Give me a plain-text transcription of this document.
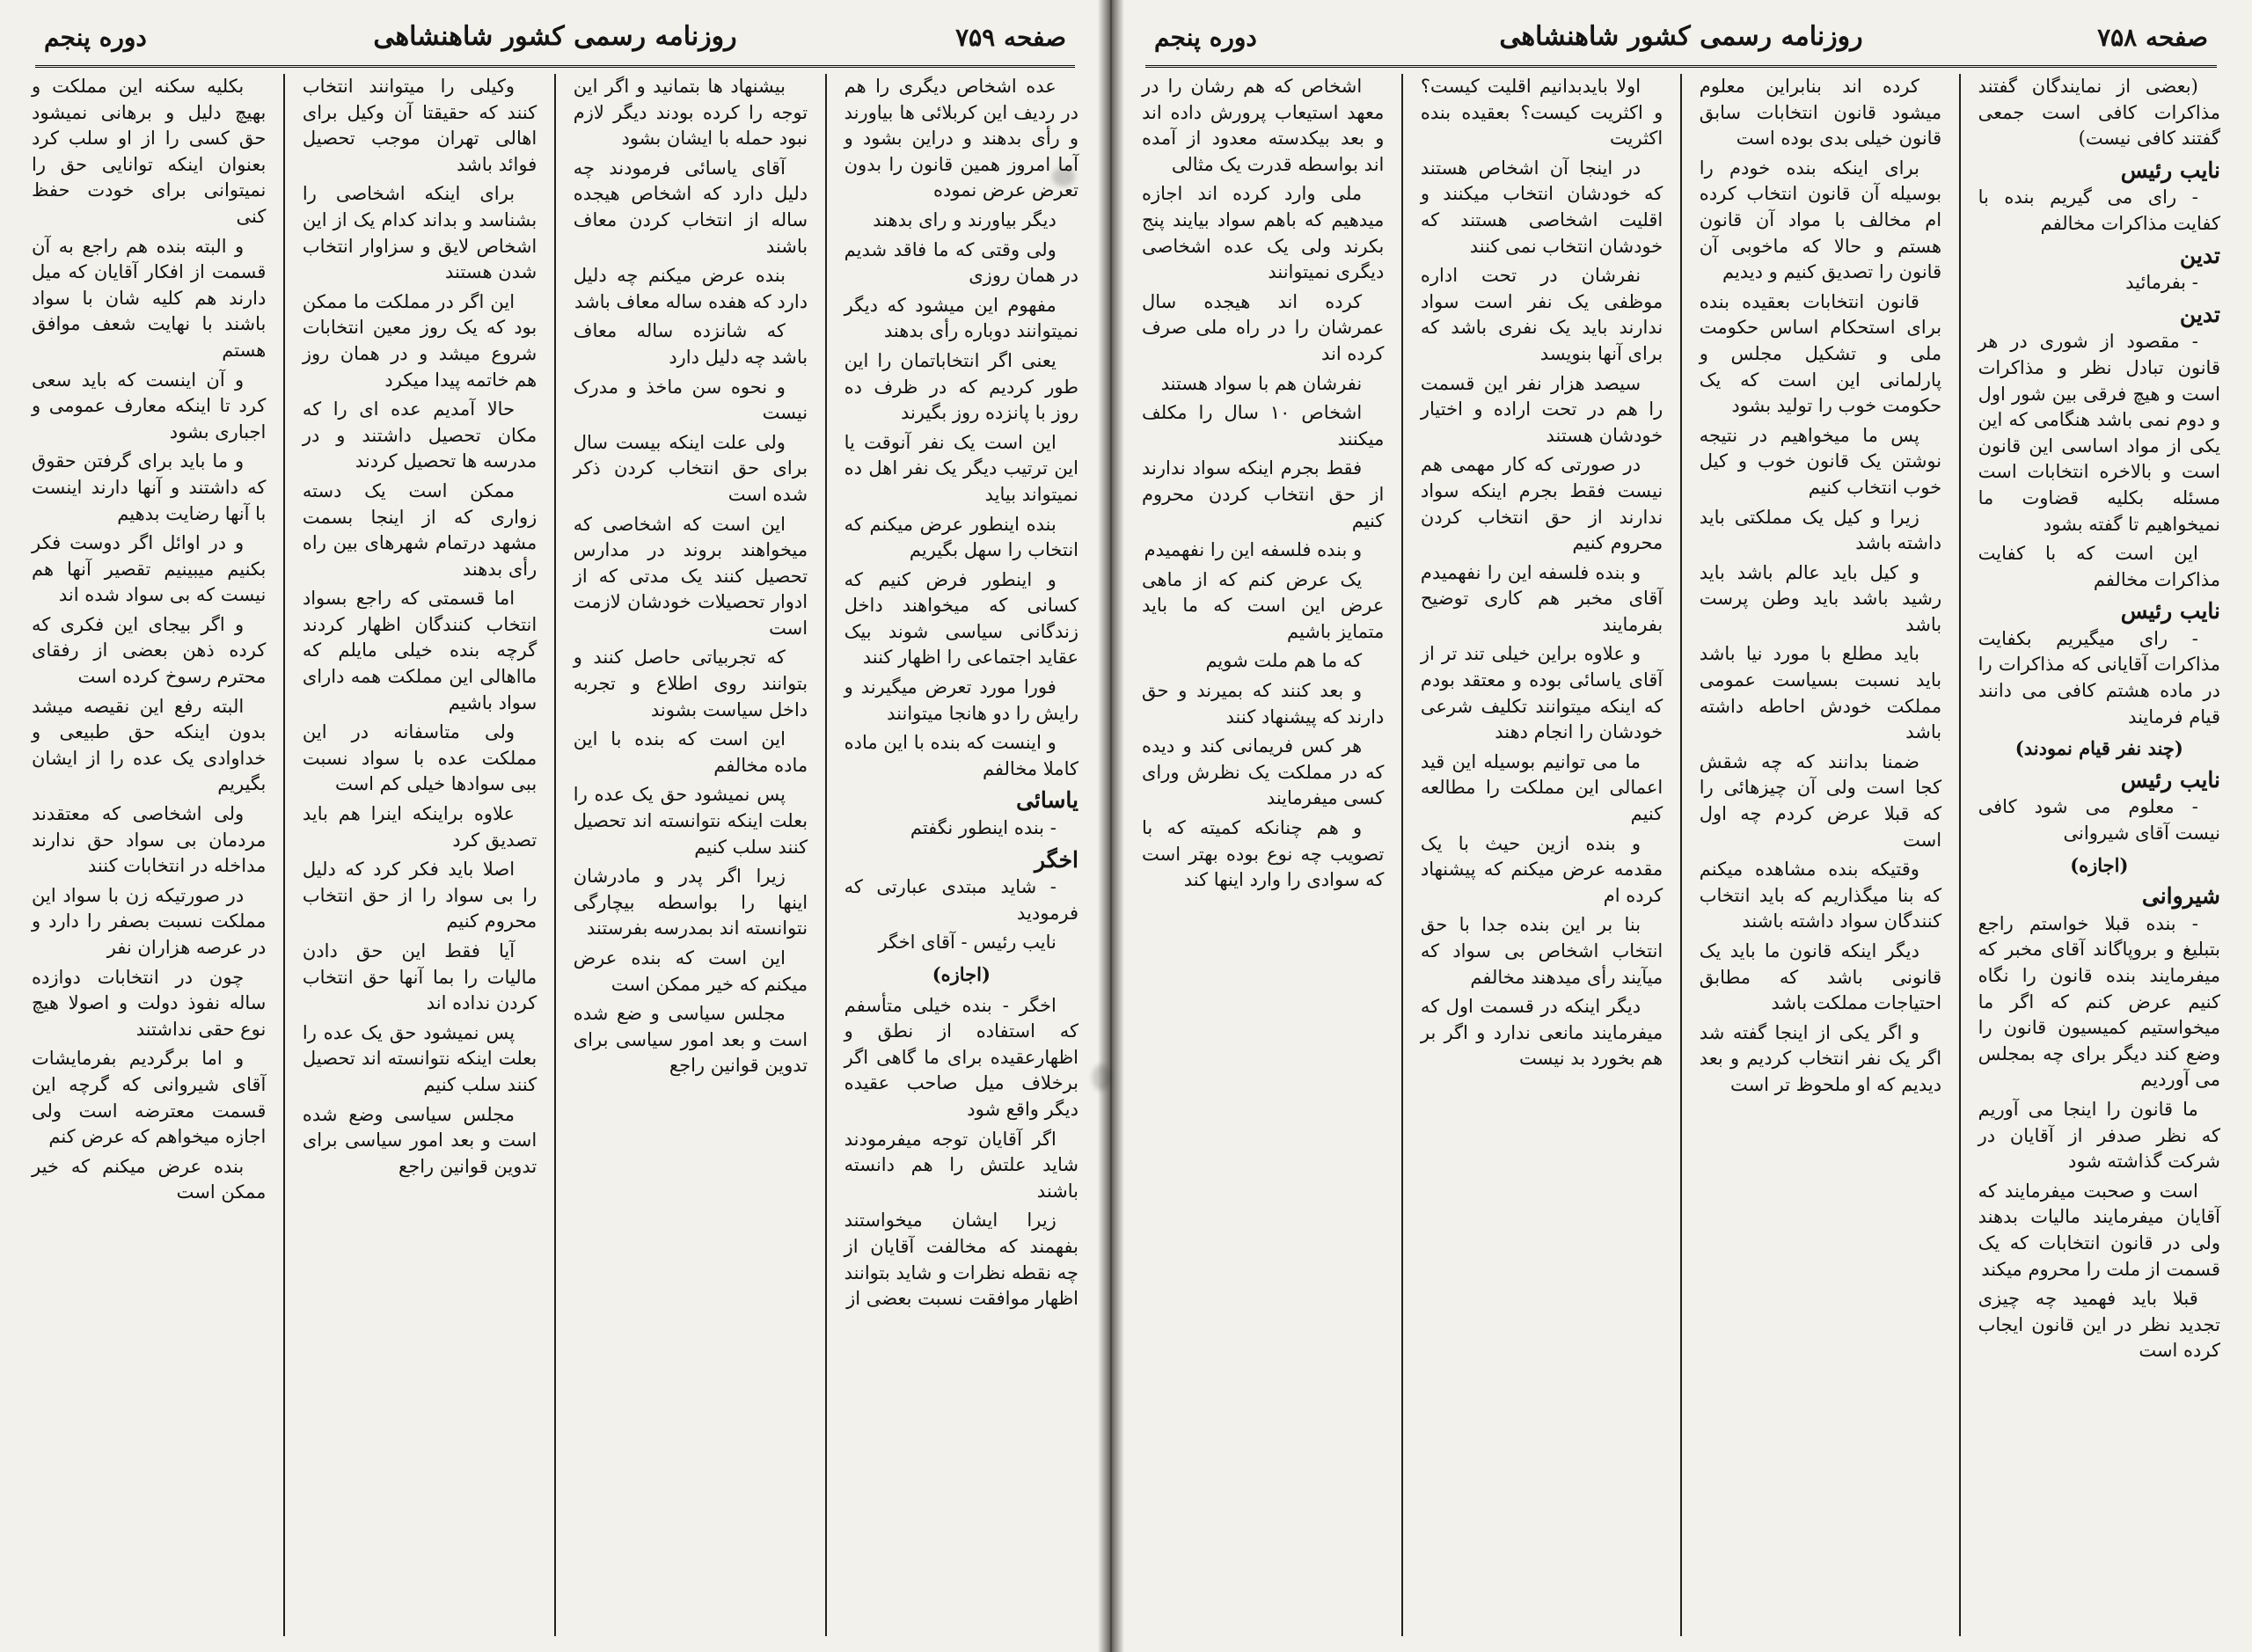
صفحه ۷۵۹
روزنامه رسمی کشور شاهنشاهی
دوره پنجم

عده اشخاص دیگری را هم در ردیف این کربلائی ها بیاورند و رأی بدهند و دراین بشود و آما امروز همین قانون را بدون تعرض عرض نموده

دیگر بیاورند و رای بدهند

ولی وقتی که ما فاقد شدیم در همان روزی

مفهوم این میشود که دیگر نمیتوانند دوباره رأی بدهند

یعنی اگر انتخاباتمان را این طور کردیم که در ظرف ده روز با پانزده روز بگیرند

این است یک نفر آنوقت یا این ترتیب دیگر یک نفر اهل ده نمیتواند بیاید

بنده اینطور عرض میکنم که انتخاب را سهل بگیریم

و اینطور فرض کنیم که کسانی که میخواهند داخل زندگانی سیاسی شوند بیک عقاید اجتماعی را اظهار کنند

فورا مورد تعرض میگیرند و رایش را دو هانجا میتوانند

و اینست که بنده با این ماده کاملا مخالفم

یاسائی

- بنده اینطور نگفتم

اخگر

- شاید مبتدی عبارتی که فرمودید

نایب رئیس - آقای اخگر

(اجازه)

اخگر - بنده خیلی متأسفم که استفاده از نطق و اظهارعقیده برای ما گاهی اگر برخلاف میل صاحب عقیده دیگر واقع شود

اگر آقایان توجه میفرمودند شاید علتش را هم دانسته باشند

زیرا ایشان میخواستند بفهمند که مخالفت آقایان از چه نقطه نظرات و شاید بتوانند اظهار موافقت نسبت بعضی از

بیشنهاد ها بتمانید و اگر این توجه را کرده بودند دیگر لازم نبود حمله با ایشان بشود

آقای یاسائی فرمودند چه دلیل دارد که اشخاص هیجده ساله از انتخاب کردن معاف باشند

بنده عرض میکنم چه دلیل دارد که هفده ساله معاف باشد

که شانزده ساله معاف باشد چه دلیل دارد

و نحوه سن ماخذ و مدرک نیست

ولی علت اینکه بیست سال برای حق انتخاب کردن ذکر شده است

این است که اشخاصی که میخواهند بروند در مدارس تحصیل کنند یک مدتی که از ادوار تحصیلات خودشان لازمت است

که تجربیاتی حاصل کنند و بتوانند روی اطلاع و تجربه داخل سیاست بشوند

این است که بنده با این ماده مخالفم

پس نمیشود حق یک عده را بعلت اینکه نتوانسته اند تحصیل کنند سلب کنیم

زیرا اگر پدر و مادرشان اینها را بواسطه بیچارگی نتوانسته اند بمدرسه بفرستند

این است که بنده عرض میکنم که خیر ممکن است

مجلس سیاسی و ضع شده است و بعد امور سیاسی برای تدوین قوانین راجع

وکیلی را میتوانند انتخاب کنند که حقیقتا آن وکیل برای اهالی تهران موجب تحصیل فوائد باشد

برای اینکه اشخاصی را بشناسد و بداند کدام یک از این اشخاص لایق و سزاوار انتخاب شدن هستند

این اگر در مملکت ما ممکن بود که یک روز معین انتخابات شروع میشد و در همان روز هم خاتمه پیدا میکرد

حالا آمدیم عده ای را که مکان تحصیل داشتند و در مدرسه ها تحصیل کردند

ممکن است یک دسته زواری که از اینجا بسمت مشهد درتمام شهرهای بین راه رأی بدهند

اما قسمتی که راجع بسواد انتخاب کنندگان اظهار کردند گرچه بنده خیلی مایلم که مااهالی این مملکت همه دارای سواد باشیم

ولی متاسفانه در این مملکت عده با سواد نسبت ببی سوادها خیلی کم است

علاوه براینکه اینرا هم باید تصدیق کرد

اصلا باید فکر کرد که دلیل را بی سواد را از حق انتخاب محروم کنیم

آیا فقط این حق دادن مالیات را بما آنها حق انتخاب کردن نداده اند

پس نمیشود حق یک عده را بعلت اینکه نتوانسته اند تحصیل کنند سلب کنیم

مجلس سیاسی وضع شده است و بعد امور سیاسی برای تدوین قوانین راجع

بکلیه سکنه این مملکت و بهیچ دلیل و برهانی نمیشود حق کسی را از او سلب کرد بعنوان اینکه توانایی حق را نمیتوانی برای خودت حفظ کنی

و البته بنده هم راجع به آن قسمت از افکار آقایان که میل دارند هم کلیه شان با سواد باشند با نهایت شعف موافق هستم

و آن اینست که باید سعی کرد تا اینکه معارف عمومی و اجباری بشود

و ما باید برای گرفتن حقوق که داشتند و آنها دارند اینست با آنها رضایت بدهیم

و در اوائل اگر دوست فکر بکنیم میبینیم تقصیر آنها هم نیست که بی سواد شده اند

و اگر بیجای این فکری که کرده ذهن بعضی از رفقای محترم رسوخ کرده است

البته رفع این نقیصه میشد بدون اینکه حق طبیعی و خداوادی یک عده را از ایشان بگیریم

ولی اشخاصی که معتقدند مردمان بی سواد حق ندارند مداخله در انتخابات کنند

در صورتیکه زن با سواد این مملکت نسبت بصفر را دارد و در عرصه هزاران نفر

چون در انتخابات دوازده ساله نفوذ دولت و اصولا هیچ نوع حقی نداشتند

و اما برگردیم بفرمایشات آقای شیروانی که گرچه این قسمت معترضه است ولی اجازه میخواهم که عرض کنم

بنده عرض میکنم که خیر ممکن است

صفحه ۷۵۸
روزنامه رسمی کشور شاهنشاهی
دوره پنجم

(بعضی از نمایندگان گفتند مذاکرات کافی است جمعی گفتند کافی نیست)

نایب رئیس

- رای می گیریم بنده با کفایت مذاکرات مخالفم

تدین

- بفرمائید

تدین

- مقصود از شوری در هر قانون تبادل نظر و مذاکرات است و هیچ فرقی بین شور اول و دوم نمی باشد هنگامی که این یکی از مواد اساسی این قانون است و بالاخره انتخابات است مسئله بکلیه قضاوت ما نمیخواهیم تا گفته بشود

این است که با کفایت مذاکرات مخالفم

نایب رئیس

- رای میگیریم بکفایت مذاکرات آقایانی که مذاکرات را در ماده هشتم کافی می دانند قیام فرمایند

(چند نفر قیام نمودند)

نایب رئیس

- معلوم می شود کافی نیست آقای شیروانی

(اجازه)

شیروانی

- بنده قبلا خواستم راجع بتبلیغ و بروپاگاند آقای مخبر که میفرمایند بنده قانون را نگاه کنیم عرض کنم که اگر ما میخواستیم کمیسیون قانون را وضع کند دیگر برای چه بمجلس می آوردیم

ما قانون را اینجا می آوریم که نظر صدفر از آقایان در شرکت گذاشته شود

است و صحبت میفرمایند که آقایان میفرمایند مالیات بدهند ولی در قانون انتخابات که یک قسمت از ملت را محروم میکند

قبلا باید فهمید چه چیزی تجدید نظر در این قانون ایجاب کرده است

کرده اند بنابراین معلوم میشود قانون انتخابات سابق قانون خیلی بدی بوده است

برای اینکه بنده خودم را بوسیله آن قانون انتخاب کرده ام مخالف با مواد آن قانون هستم و حالا که ماخوبی آن قانون را تصدیق کنیم و دیدیم

قانون انتخابات بعقیده بنده برای استحکام اساس حکومت ملی و تشکیل مجلس و پارلمانی این است که یک حکومت خوب را تولید بشود

پس ما میخواهیم در نتیجه نوشتن یک قانون خوب و کیل خوب انتخاب کنیم

زیرا و کیل یک مملکتی باید داشته باشد

و کیل باید عالم باشد باید رشید باشد باید وطن پرست باشد

باید مطلع با مورد نیا باشد باید نسبت بسیاست عمومی مملکت خودش احاطه داشته باشد

ضمنا بدانند که چه شقش کجا است ولی آن چیزهائی را که قبلا عرض کردم چه اول است

وقتیکه بنده مشاهده میکنم که بنا میگذاریم که باید انتخاب کنندگان سواد داشته باشند

دیگر اینکه قانون ما باید یک قانونی باشد که مطابق احتیاجات مملکت باشد

و اگر یکی از اینجا گفته شد اگر یک نفر انتخاب کردیم و بعد دیدیم که او ملحوظ تر است

اولا بایدبدانیم اقلیت کیست؟ و اکثریت کیست؟ بعقیده بنده اکثریت

در اینجا آن اشخاص هستند که خودشان انتخاب میکنند و اقلیت اشخاصی هستند که خودشان انتخاب نمی کنند

نفرشان در تحت اداره موظفی یک نفر است سواد ندارند باید یک نفری باشد که برای آنها بنویسد

سیصد هزار نفر این قسمت را هم در تحت اراده و اختیار خودشان هستند

در صورتی که کار مهمی هم نیست فقط بجرم اینکه سواد ندارند از حق انتخاب کردن محروم کنیم

و بنده فلسفه این را نفهمیدم آقای مخبر هم کاری توضیح بفرمایند

و علاوه براین خیلی تند تر از آقای یاسائی بوده و معتقد بودم که اینکه میتوانند تکلیف شرعی خودشان را انجام دهند

ما می توانیم بوسیله این قید اعمالی این مملکت را مطالعه کنیم

و بنده ازین حیث با یک مقدمه عرض میکنم که پیشنهاد کرده ام

بنا بر این بنده جدا با حق انتخاب اشخاص بی سواد که میآیند رأی میدهند مخالفم

دیگر اینکه در قسمت اول که میفرمایند مانعی ندارد و اگر بر هم بخورد بد نیست

اشخاص که هم رشان را در معهد استیعاب پرورش داده اند و بعد بیکدسته معدود از آمده اند بواسطه قدرت یک مثالی

ملی وارد کرده اند اجازه میدهیم که باهم سواد بیایند پنج بکرند ولی یک عده اشخاصی دیگری نمیتوانند

کرده اند هیجده سال عمرشان را در راه ملی صرف کرده اند

نفرشان هم با سواد هستند

اشخاص ۱۰ سال را مکلف میکنند

فقط بجرم اینکه سواد ندارند از حق انتخاب کردن محروم کنیم

و بنده فلسفه این را نفهمیدم

یک عرض کنم که از ماهی عرض این است که ما باید متمایز باشیم

که ما هم ملت شویم

و بعد کنند که بمیرند و حق دارند که پیشنهاد کنند

هر کس فریمانی کند و دیده که در مملکت یک نظرش ورای کسی میفرمایند

و هم چنانکه کمیته که با تصویب چه نوع بوده بهتر است که سوادی را وارد اینها کند
